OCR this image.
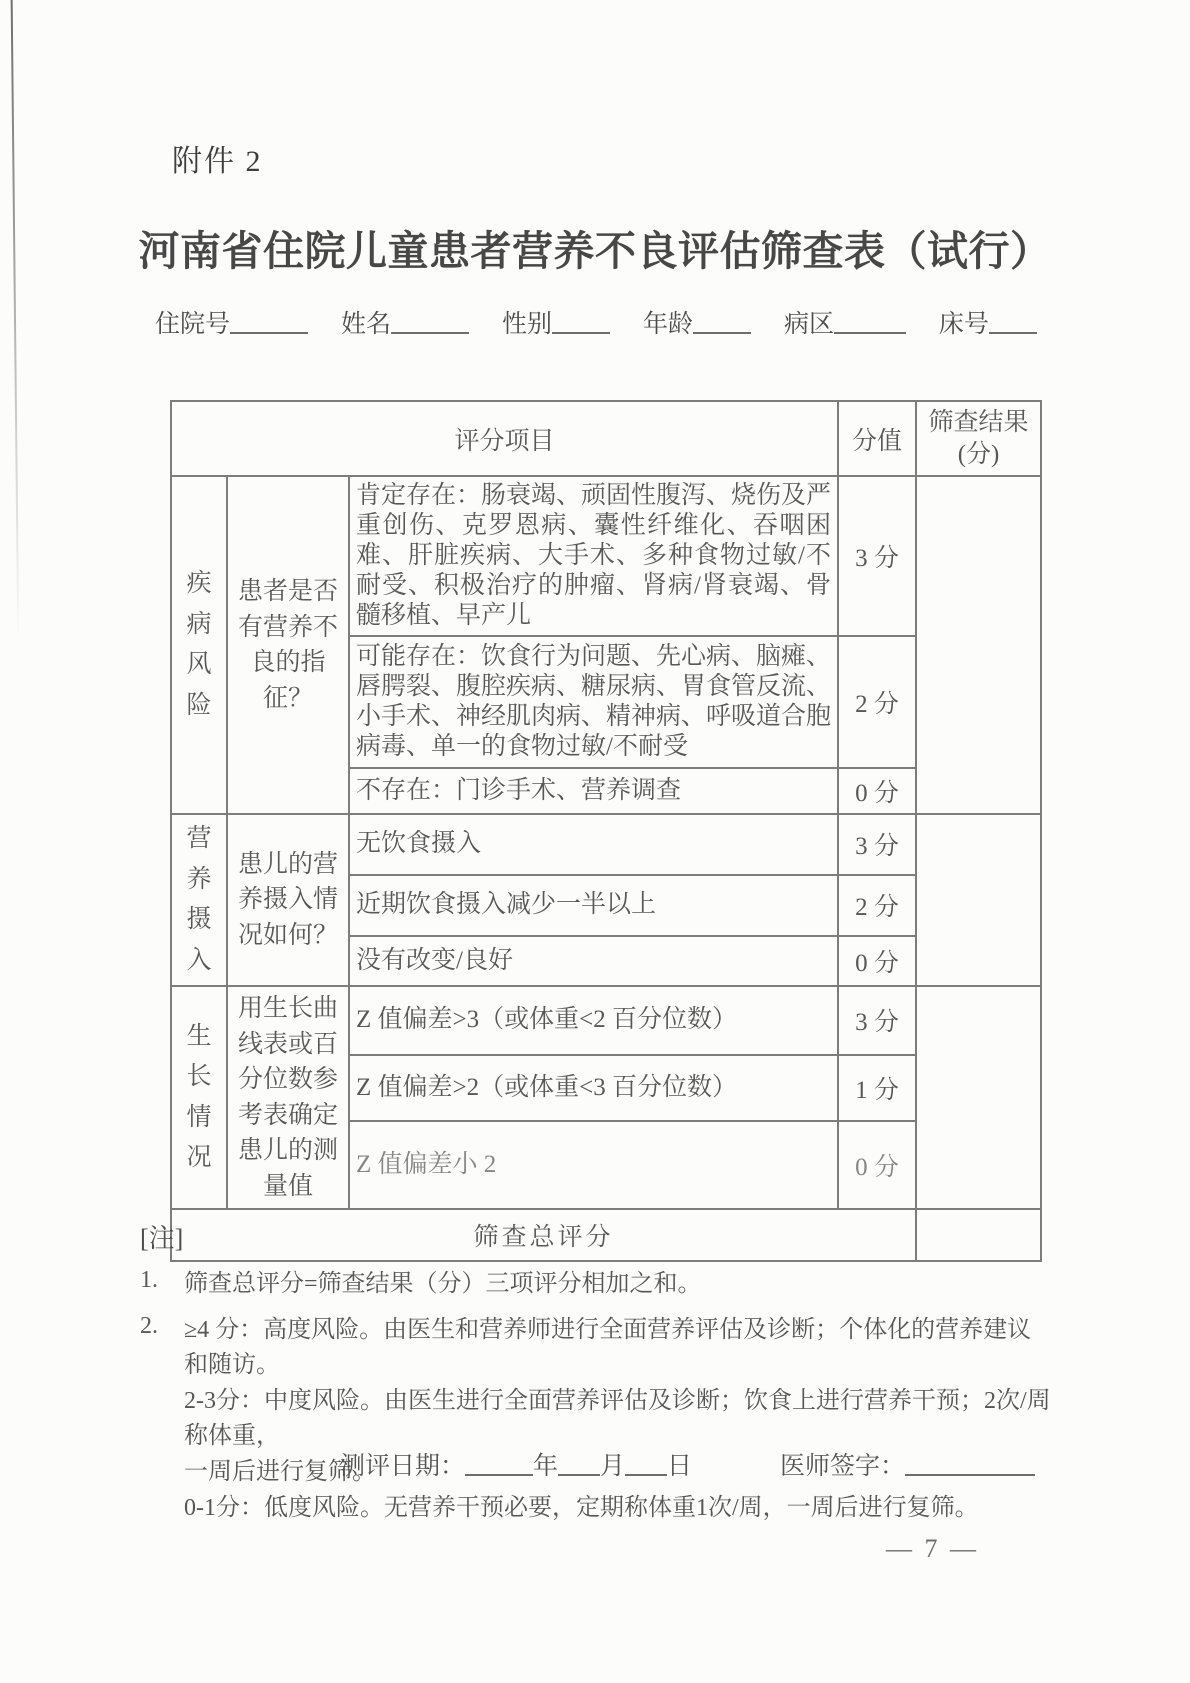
附件 2
河南省住院儿童患者营养不良评估筛查表（试行）
住院号	姓名	性别	年龄	病区	床号
评分项目			分值	筛查结果
(分)

疾病风险	患者是否有营养不良的指征？	肯定存在：肠衰竭、顽固性腹泻、烧伤及严重创伤、克罗恩病、囊性纤维化、吞咽困难、肝脏疾病、大手术、多种食物过敏/不耐受、积极治疗的肿瘤、肾病/肾衰竭、骨髓移植、早产儿	3 分	
		可能存在：饮食行为问题、先心病、脑瘫、唇腭裂、腹腔疾病、糖尿病、胃食管反流、小手术、神经肌肉病、精神病、呼吸道合胞病毒、单一的食物过敏/不耐受	2 分	
		不存在：门诊手术、营养调查	0 分	
营养摄入	患儿的营养摄入情况如何？	无饮食摄入	3 分	
		近期饮食摄入减少一半以上	2 分	
		没有改变/良好	0 分	
生长情况	用生长曲线表或百分位数参考表确定患儿的测量值	Z 值偏差>3（或体重<2 百分位数）	3 分	
		Z 值偏差>2（或体重<3 百分位数）	1 分	
		Z 值偏差小 2	0 分	
筛查总评分				
[注]
1.	筛查总评分=筛查结果（分）三项评分相加之和。
2.	≥4 分：高度风险。由医生和营养师进行全面营养评估及诊断；个体化的营养建议和随访。
2-3分：中度风险。由医生进行全面营养评估及诊断；饮食上进行营养干预；2次/周称体重，
一周后进行复筛。
0-1分：低度风险。无营养干预必要，定期称体重1次/周，一周后进行复筛。
测评日期：	年 月 日	医师签字：
— 7 —
